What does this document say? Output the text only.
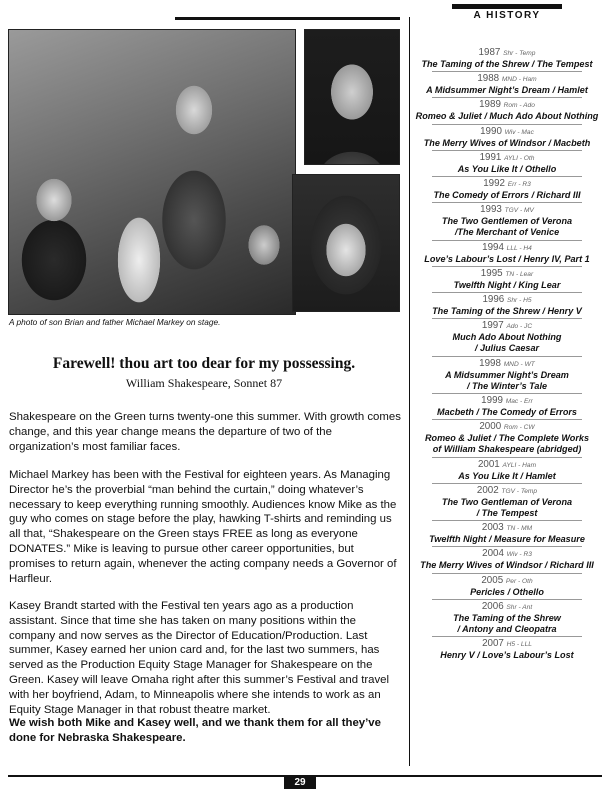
A photo of son Brian and father Michael Markey on stage.
Farewell! thou art too dear for my possessing.
William Shakespeare, Sonnet 87
Shakespeare on the Green turns twenty-one this summer. With growth comes change, and this year change means the departure of two of the organization’s most familiar faces.
Michael Markey has been with the Festival for eighteen years. As Managing Director he’s the proverbial “man behind the curtain,” doing whatever’s necessary to keep everything running smoothly. Audiences know Mike as the guy who comes on stage before the play, hawking T-shirts and reminding us all that, “Shakespeare on the Green stays FREE as long as everyone DONATES.” Mike is leaving to pursue other career opportunities, but promises to return again, whenever the acting company needs a Governor of Harfleur.
Kasey Brandt started with the Festival ten years ago as a production assistant. Since that time she has taken on many positions within the company and now serves as the Director of Education/Production. Last summer, Kasey earned her union card and, for the last two summers, has served as the Production Equity Stage Manager for Shakespeare on the Green. Kasey will leave Omaha right after this summer’s Festival and travel with her boyfriend, Adam, to Minneapolis where she intends to work as an Equity Stage Manager in that robust theatre market.
We wish both Mike and Kasey well, and we thank them for all they’ve done for Nebraska Shakespeare.
A HISTORY
1987 Shr - Temp
The Taming of the Shrew / The Tempest
1988 MND - Ham
A Midsummer Night’s Dream / Hamlet
1989 Rom - Ado
Romeo & Juliet / Much Ado About Nothing
1990 Wiv - Mac
The Merry Wives of Windsor / Macbeth
1991 AYLI - Oth
As You Like It / Othello
1992 Err - R3
The Comedy of Errors / Richard III
1993 TGV - MV
The Two Gentlemen of Verona
/The Merchant of Venice
1994 LLL - H4
Love’s Labour’s Lost / Henry IV, Part 1
1995 TN - Lear
Twelfth Night / King Lear
1996 Shr - H5
The Taming of the Shrew / Henry V
1997 Ado - JC
Much Ado About Nothing
/ Julius Caesar
1998 MND - WT
A Midsummer Night’s Dream
/ The Winter’s Tale
1999 Mac - Err
Macbeth / The Comedy of Errors
2000 Rom - CW
Romeo & Juliet / The Complete Works
of William Shakespeare (abridged)
2001 AYLI - Ham
As You Like It / Hamlet
2002 TGV - Temp
The Two Gentleman of Verona
/ The Tempest
2003 TN - MM
Twelfth Night / Measure for Measure
2004 Wiv - R3
The Merry Wives of Windsor / Richard III
2005 Per - Oth
Pericles / Othello
2006 Shr - Ant
The Taming of the Shrew
/ Antony and Cleopatra
2007 H5 - LLL
Henry V / Love’s Labour’s Lost
29
